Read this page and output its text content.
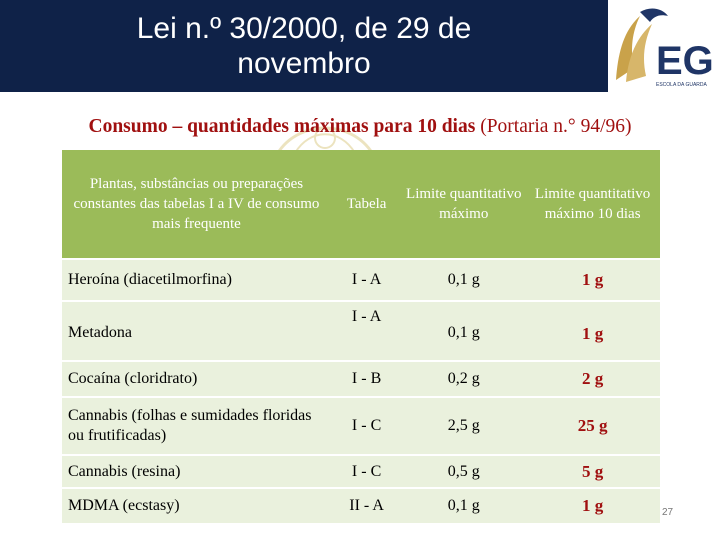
Lei n.º 30/2000, de 29 de
novembro	EG
ESCOLA DA GUARDA
Consumo – quantidades máximas para 10 dias (Portaria n.° 94/96)
Plantas, substâncias ou preparações constantes das tabelas I a IV de consumo mais frequente	Tabela	Limite quantitativo máximo	Limite quantitativo máximo 10 dias
Heroína (diacetilmorfina)	I - A	0,1 g	1 g
Metadona	I - A	0,1 g	1 g
Cocaína (cloridrato)	I - B	0,2 g	2 g
Cannabis (folhas e sumidades floridas ou frutificadas)	I - C	2,5 g	25 g
Cannabis (resina)	I - C	0,5 g	5 g
MDMA (ecstasy)	II - A	0,1 g	1 g	27
